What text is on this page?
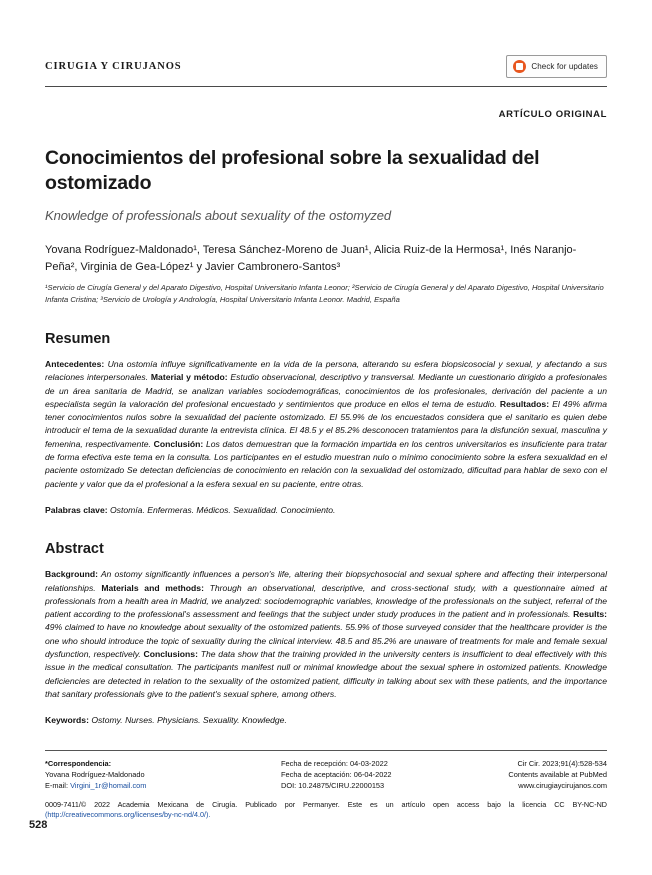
CIRUGIA Y CIRUJANOS	Check for updates
ARTÍCULO ORIGINAL
Conocimientos del profesional sobre la sexualidad del ostomizado
Knowledge of professionals about sexuality of the ostomyzed
Yovana Rodríguez-Maldonado¹, Teresa Sánchez-Moreno de Juan¹, Alicia Ruiz-de la Hermosa¹, Inés Naranjo-Peña², Virginia de Gea-López¹ y Javier Cambronero-Santos³
¹Servicio de Cirugía General y del Aparato Digestivo, Hospital Universitario Infanta Leonor; ²Servicio de Cirugía General y del Aparato Digestivo, Hospital Universitario Infanta Cristina; ³Servicio de Urología y Andrología, Hospital Universitario Infanta Leonor. Madrid, España
Resumen
Antecedentes: Una ostomía influye significativamente en la vida de la persona, alterando su esfera biopsicosocial y sexual, y afectando a sus relaciones interpersonales. Material y método: Estudio observacional, descriptivo y transversal. Mediante un cuestionario dirigido a profesionales de un área sanitaria de Madrid, se analizan variables sociodemográficas, conocimientos de los profesionales, derivación del paciente a un especialista según la valoración del profesional encuestado y sentimientos que produce en ellos el tema de estudio. Resultados: El 49% afirma tener conocimientos nulos sobre la sexualidad del paciente ostomizado. El 55.9% de los encuestados considera que el sanitario es quien debe introducir el tema de la sexualidad durante la entrevista clínica. El 48.5 y el 85.2% desconocen tratamientos para la disfunción sexual, masculina y femenina, respectivamente. Conclusión: Los datos demuestran que la formación impartida en los centros universitarios es insuficiente para tratar de forma efectiva este tema en la consulta. Los participantes en el estudio muestran nulo o mínimo conocimiento sobre la esfera sexualidad en el paciente ostomizado Se detectan deficiencias de conocimiento en relación con la sexualidad del ostomizado, dificultad para hablar de sexo con el paciente y valor que da el profesional a la esfera sexual en su paciente, entre otras.
Palabras clave: Ostomía. Enfermeras. Médicos. Sexualidad. Conocimiento.
Abstract
Background: An ostomy significantly influences a person's life, altering their biopsychosocial and sexual sphere and affecting their interpersonal relationships. Materials and methods: Through an observational, descriptive, and cross-sectional study, with a questionnaire aimed at professionals from a health area in Madrid, we analyzed: sociodemographic variables, knowledge of the professionals on the subject, referral of the patient according to the professional's assessment and feelings that the subject under study produces in the patient and in professionals. Results: 49% claimed to have no knowledge about sexuality of the ostomized patients. 55.9% of those surveyed consider that the healthcare provider is the one who should introduce the topic of sexuality during the clinical interview. 48.5 and 85.2% are unaware of treatments for male and female sexual dysfunction, respectively. Conclusions: The data show that the training provided in the university centers is insufficient to deal effectively with this issue in the medical consultation. The participants manifest null or minimal knowledge about the sexual sphere in ostomized patients. Knowledge deficiencies are detected in relation to the sexuality of the ostomized patient, difficulty in talking about sex with these patients, and the importance that sanitary professionals give to the patient's sexual sphere, among others.
Keywords: Ostomy. Nurses. Physicians. Sexuality. Knowledge.
*Correspondencia:
Yovana Rodríguez-Maldonado
E-mail: Virgini_1r@homail.com
Fecha de recepción: 04-03-2022
Fecha de aceptación: 06-04-2022
DOI: 10.24875/CIRU.22000153
Cir Cir. 2023;91(4):528-534
Contents available at PubMed
www.cirugiaycirujanos.com
0009-7411/© 2022 Academia Mexicana de Cirugía. Publicado por Permanyer. Este es un artículo open access bajo la licencia CC BY-NC-ND (http://creativecommons.org/licenses/by-nc-nd/4.0/).
528
